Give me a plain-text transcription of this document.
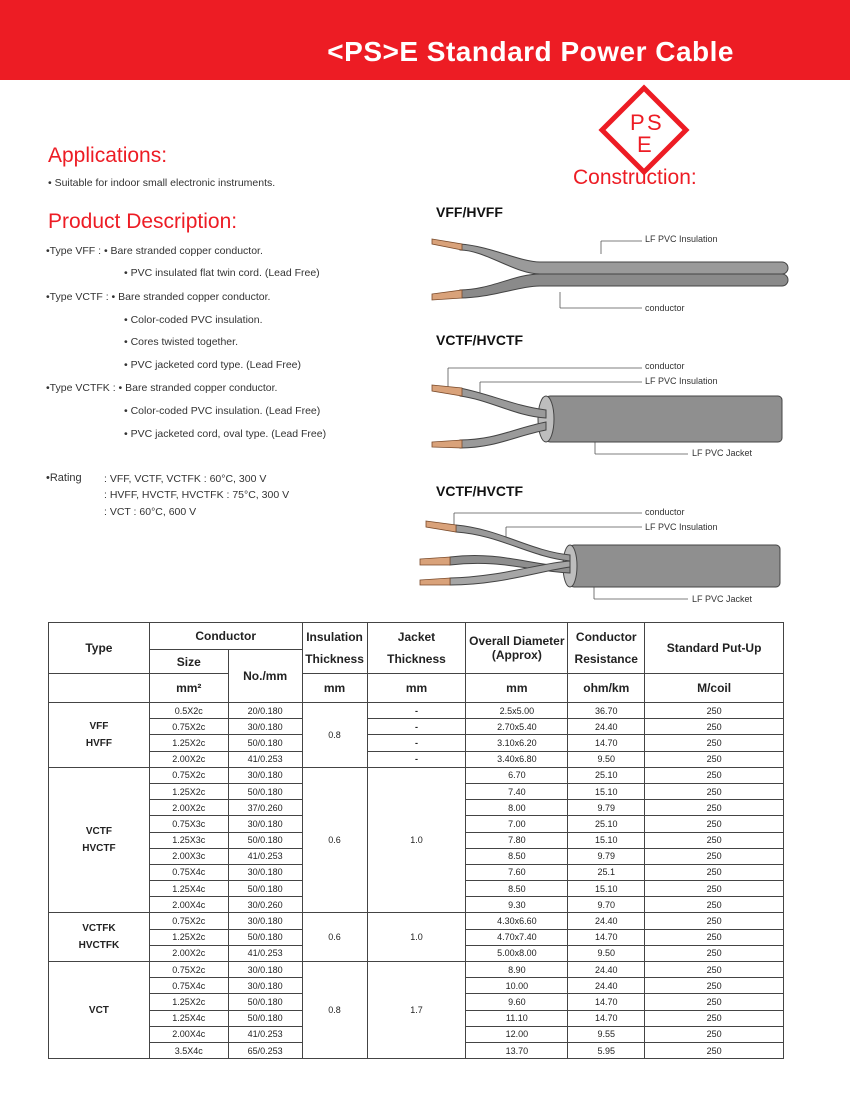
<PS>E Standard Power Cable
P S
E
Applications:
• Suitable for indoor small electronic instruments.
Product Description:
•Type VFF : • Bare stranded copper conductor.
• PVC insulated flat twin cord. (Lead Free)
•Type VCTF : • Bare stranded copper conductor.
• Color-coded PVC insulation.
• Cores twisted together.
• PVC jacketed cord type. (Lead Free)
•Type VCTFK : • Bare stranded copper conductor.
• Color-coded PVC insulation. (Lead Free)
• PVC jacketed cord, oval type. (Lead Free)
•Rating : VFF, VCTF, VCTFK : 60°C, 300 V
: HVFF, HVCTF, HVCTFK : 75°C, 300 V
: VCT : 60°C, 600 V
Construction:
VFF/HVFF
LF PVC Insulation
conductor
VCTF/HVCTF
conductor
LF PVC Insulation
LF PVC Jacket
VCTF/HVCTF
conductor
LF PVC Insulation
LF PVC Jacket
Type	Conductor		Insulation Thickness	Jacket Thickness	Overall Diameter (Approx)	Conductor Resistance	Standard Put-Up
	Size	No./mm					
	mm²		mm	mm	mm	ohm/km	M/coil

VFF
HVFF	0.5X2c	20/0.180	0.8	-	2.5x5.00	36.70	250
	0.75X2c	30/0.180		-	2.70x5.40	24.40	250
	1.25X2c	50/0.180		-	3.10x6.20	14.70	250
	2.00X2c	41/0.253		-	3.40x6.80	9.50	250

VCTF
HVCTF	0.75X2c	30/0.180	0.6	1.0	6.70	25.10	250
	1.25X2c	50/0.180			7.40	15.10	250
	2.00X2c	37/0.260			8.00	9.79	250
	0.75X3c	30/0.180			7.00	25.10	250
	1.25X3c	50/0.180			7.80	15.10	250
	2.00X3c	41/0.253			8.50	9.79	250
	0.75X4c	30/0.180			7.60	25.1	250
	1.25X4c	50/0.180			8.50	15.10	250
	2.00X4c	30/0.260			9.30	9.70	250

VCTFK
HVCTFK	0.75X2c	30/0.180	0.6	1.0	4.30x6.60	24.40	250
	1.25X2c	50/0.180			4.70x7.40	14.70	250
	2.00X2c	41/0.253			5.00x8.00	9.50	250

VCT	0.75X2c	30/0.180	0.8	1.7	8.90	24.40	250
	0.75X4c	30/0.180			10.00	24.40	250
	1.25X2c	50/0.180			9.60	14.70	250
	1.25X4c	50/0.180			11.10	14.70	250
	2.00X4c	41/0.253			12.00	9.55	250
	3.5X4c	65/0.253			13.70	5.95	250
